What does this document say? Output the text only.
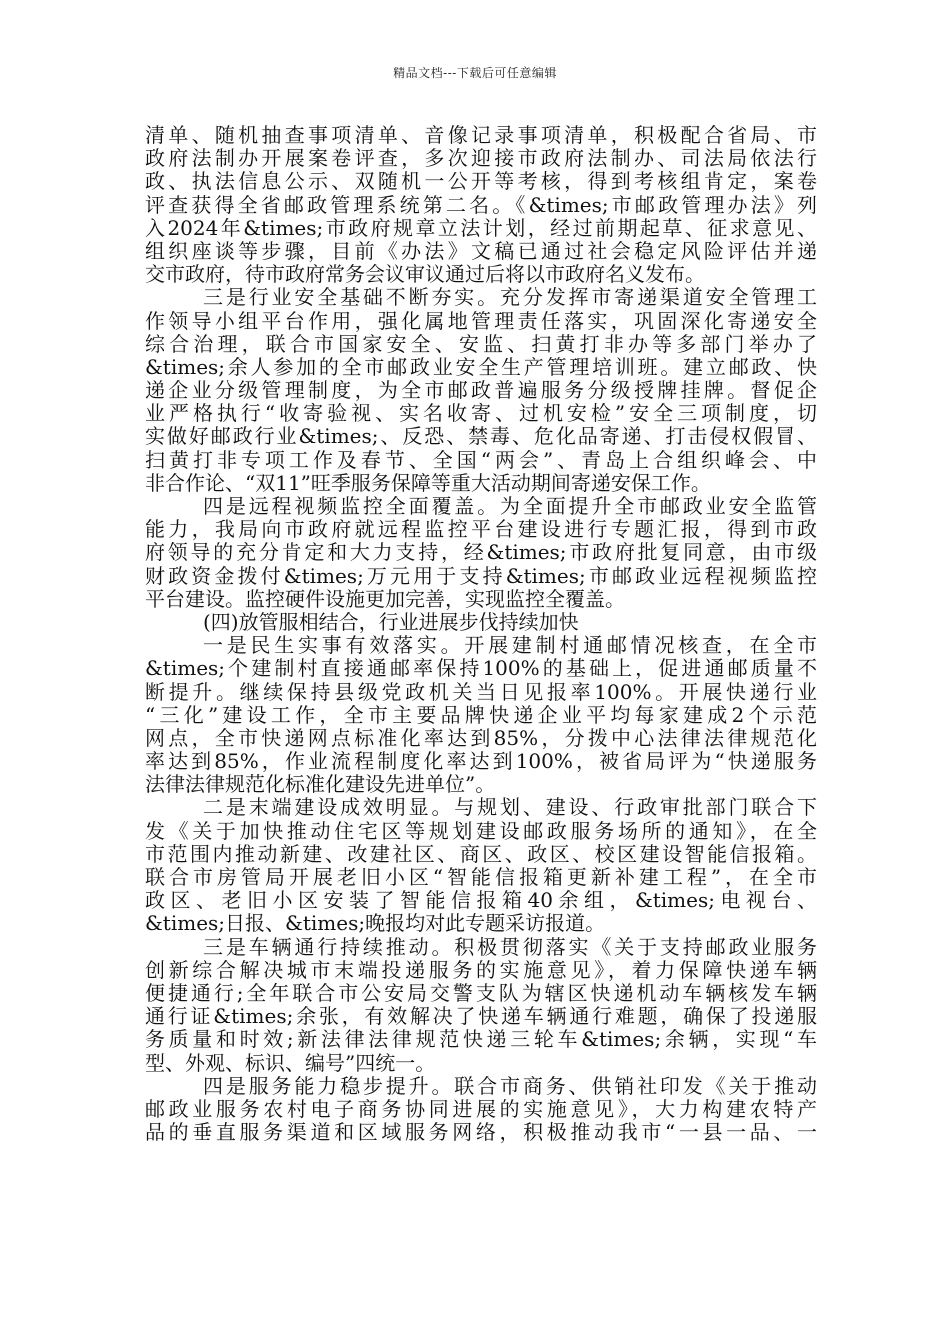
精品文档---下载后可任意编辑

清单、随机抽查事项清单、音像记录事项清单，积极配合省局、市

政府法制办开展案卷评查，多次迎接市政府法制办、司法局依法行

政、执法信息公示、双随机一公开等考核，得到考核组肯定，案卷

评查获得全省邮政管理系统第二名。《&times;市邮政管理办法》列

入2024年&times;市政府规章立法计划，经过前期起草、征求意见、

组织座谈等步骤，目前《办法》文稿已通过社会稳定风险评估并递

交市政府，待市政府常务会议审议通过后将以市政府名义发布。

三是行业安全基础不断夯实。充分发挥市寄递渠道安全管理工

作领导小组平台作用，强化属地管理责任落实，巩固深化寄递安全

综合治理，联合市国家安全、安监、扫黄打非办等多部门举办了

&times;余人参加的全市邮政业安全生产管理培训班。建立邮政、快

递企业分级管理制度，为全市邮政普遍服务分级授牌挂牌。督促企

业严格执行“收寄验视、实名收寄、过机安检”安全三项制度，切

实做好邮政行业&times;、反恐、禁毒、危化品寄递、打击侵权假冒、

扫黄打非专项工作及春节、全国“两会”、青岛上合组织峰会、中

非合作论、“双11”旺季服务保障等重大活动期间寄递安保工作。

四是远程视频监控全面覆盖。为全面提升全市邮政业安全监管

能力，我局向市政府就远程监控平台建设进行专题汇报，得到市政

府领导的充分肯定和大力支持，经&times;市政府批复同意，由市级

财政资金拨付&times;万元用于支持&times;市邮政业远程视频监控

平台建设。监控硬件设施更加完善，实现监控全覆盖。

(四)放管服相结合，行业进展步伐持续加快

一是民生实事有效落实。开展建制村通邮情况核查，在全市

&times;个建制村直接通邮率保持100%的基础上，促进通邮质量不

断提升。继续保持县级党政机关当日见报率100%。开展快递行业

“三化”建设工作，全市主要品牌快递企业平均每家建成2个示范

网点，全市快递网点标准化率达到85%，分拨中心法律法律规范化

率达到85%，作业流程制度化率达到100%，被省局评为“快递服务

法律法律规范化标准化建设先进单位”。

二是末端建设成效明显。与规划、建设、行政审批部门联合下

发《关于加快推动住宅区等规划建设邮政服务场所的通知》，在全

市范围内推动新建、改建社区、商区、政区、校区建设智能信报箱。

联合市房管局开展老旧小区“智能信报箱更新补建工程”，在全市

政区、老旧小区安装了智能信报箱40余组，&times;电视台、

&times;日报、&times;晚报均对此专题采访报道。

三是车辆通行持续推动。积极贯彻落实《关于支持邮政业服务

创新综合解决城市末端投递服务的实施意见》，着力保障快递车辆

便捷通行;全年联合市公安局交警支队为辖区快递机动车辆核发车辆

通行证&times;余张，有效解决了快递车辆通行难题，确保了投递服

务质量和时效;新法律法律规范快递三轮车&times;余辆，实现“车

型、外观、标识、编号”四统一。

四是服务能力稳步提升。联合市商务、供销社印发《关于推动

邮政业服务农村电子商务协同进展的实施意见》，大力构建农特产

品的垂直服务渠道和区域服务网络，积极推动我市“一县一品、一
